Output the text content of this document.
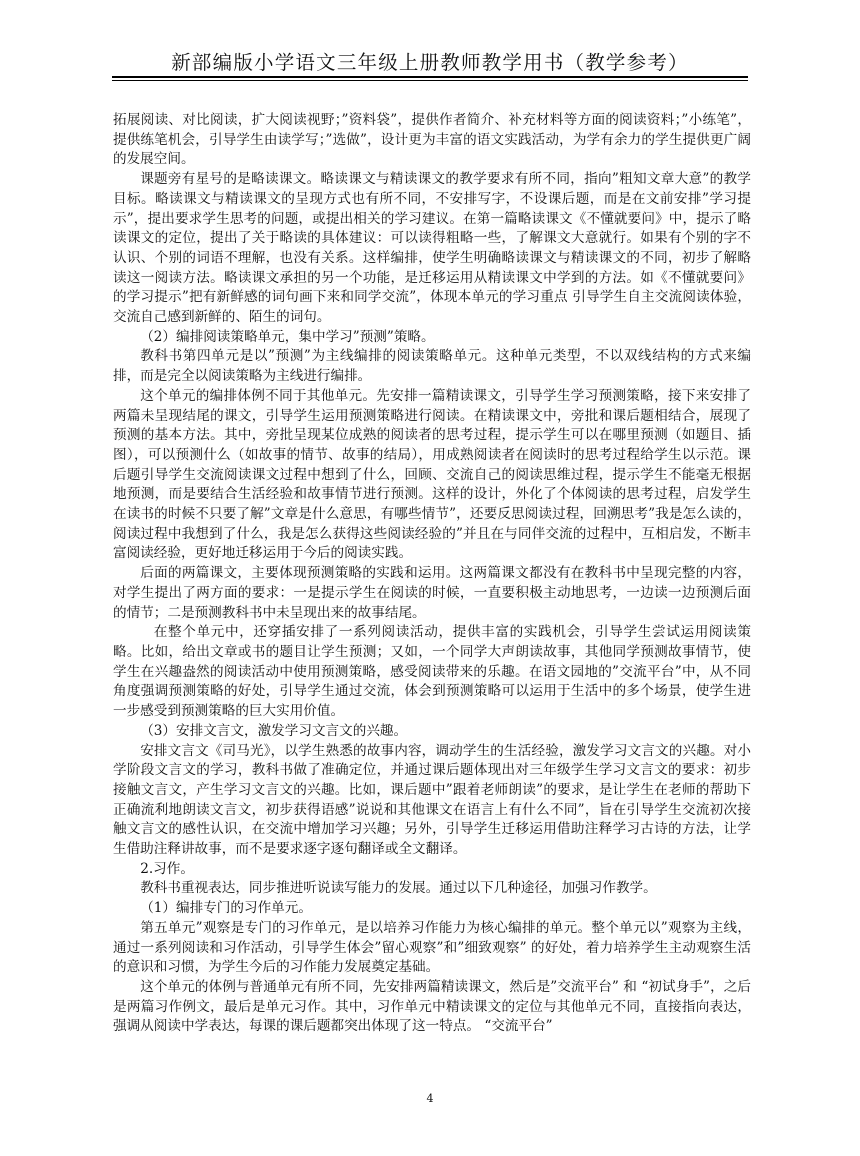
新部编版小学语文三年级上册教师教学用书（教学参考）

拓展阅读、对比阅读，扩大阅读视野；”资料袋”，提供作者简介、补充材料等方面的阅读资料；”小练笔”，提供练笔机会，引导学生由读学写；”选做”，设计更为丰富的语文实践活动，为学有余力的学生提供更广阔的发展空间。

课题旁有星号的是略读课文。略读课文与精读课文的教学要求有所不同，指向”粗知文章大意”的教学目标。略读课文与精读课文的呈现方式也有所不同，不安排写字，不设课后题，而是在文前安排”学习提示”，提出要求学生思考的问题，或提出相关的学习建议。在第一篇略读课文《不懂就要问》中，提示了略读课文的定位，提出了关于略读的具体建议：可以读得粗略一些，了解课文大意就行。如果有个别的字不认识、个别的词语不理解，也没有关系。这样编排，使学生明确略读课文与精读课文的不同，初步了解略读这一阅读方法。略读课文承担的另一个功能，是迁移运用从精读课文中学到的方法。如《不懂就要问》的学习提示”把有新鲜感的词句画下来和同学交流”，体现本单元的学习重点 引导学生自主交流阅读体验，交流自己感到新鲜的、陌生的词句。

（2）编排阅读策略单元，集中学习”预测”策略。

教科书第四单元是以”预测”为主线编排的阅读策略单元。这种单元类型，不以双线结构的方式来编排，而是完全以阅读策略为主线进行编排。

这个单元的编排体例不同于其他单元。先安排一篇精读课文，引导学生学习预测策略，接下来安排了两篇未呈现结尾的课文，引导学生运用预测策略进行阅读。在精读课文中，旁批和课后题相结合，展现了预测的基本方法。其中，旁批呈现某位成熟的阅读者的思考过程，提示学生可以在哪里预测（如题目、插图），可以预测什么（如故事的情节、故事的结局），用成熟阅读者在阅读时的思考过程给学生以示范。课后题引导学生交流阅读课文过程中想到了什么，回顾、交流自己的阅读思维过程，提示学生不能毫无根据地预测，而是要结合生活经验和故事情节进行预测。这样的设计，外化了个体阅读的思考过程，启发学生在读书的时候不只要了解”文章是什么意思，有哪些情节”，还要反思阅读过程，回溯思考”我是怎么读的，阅读过程中我想到了什么，我是怎么获得这些阅读经验的”并且在与同伴交流的过程中，互相启发，不断丰富阅读经验，更好地迁移运用于今后的阅读实践。

后面的两篇课文，主要体现预测策略的实践和运用。这两篇课文都没有在教科书中呈现完整的内容，对学生提出了两方面的要求：一是提示学生在阅读的时候，一直要积极主动地思考，一边读一边预测后面的情节；二是预测教科书中未呈现出来的故事结尾。

在整个单元中，还穿插安排了一系列阅读活动，提供丰富的实践机会，引导学生尝试运用阅读策略。比如，给出文章或书的题目让学生预测；又如，一个同学大声朗读故事，其他同学预测故事情节，使学生在兴趣盎然的阅读活动中使用预测策略，感受阅读带来的乐趣。在语文园地的”交流平台”中，从不同角度强调预测策略的好处，引导学生通过交流，体会到预测策略可以运用于生活中的多个场景，使学生进一步感受到预测策略的巨大实用价值。

（3）安排文言文，激发学习文言文的兴趣。

安排文言文《司马光》，以学生熟悉的故事内容，调动学生的生活经验，激发学习文言文的兴趣。对小学阶段文言文的学习，教科书做了准确定位，并通过课后题体现出对三年级学生学习文言文的要求：初步接触文言文，产生学习文言文的兴趣。比如，课后题中”跟着老师朗读”的要求，是让学生在老师的帮助下正确流利地朗读文言文，初步获得语感”说说和其他课文在语言上有什么不同”，旨在引导学生交流初次接触文言文的感性认识，在交流中增加学习兴趣；另外，引导学生迁移运用借助注释学习古诗的方法，让学生借助注释讲故事，而不是要求逐字逐句翻译或全文翻译。

2.习作。

教科书重视表达，同步推进听说读写能力的发展。通过以下几种途径，加强习作教学。

（1）编排专门的习作单元。

第五单元”观察是专门的习作单元，是以培养习作能力为核心编排的单元。整个单元以”观察为主线，通过一系列阅读和习作活动，引导学生体会”留心观察”和”细致观察” 的好处，着力培养学生主动观察生活的意识和习惯，为学生今后的习作能力发展奠定基础。

这个单元的体例与普通单元有所不同，先安排两篇精读课文，然后是”交流平台” 和 “初试身手”，之后是两篇习作例文，最后是单元习作。其中，习作单元中精读课文的定位与其他单元不同，直接指向表达，强调从阅读中学表达，每课的课后题都突出体现了这一特点。 “交流平台”

4
